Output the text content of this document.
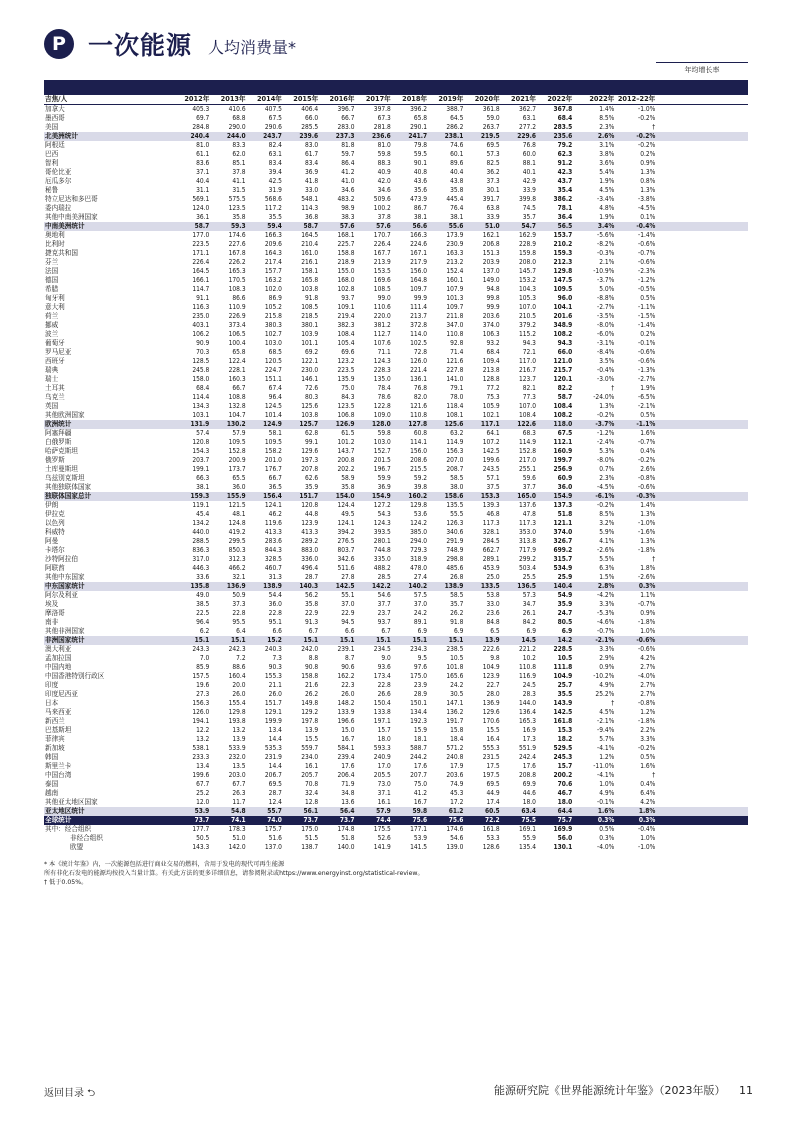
P 一次能源 人均消费量*
年均增长率
吉焦/人	2012年	2013年	2014年	2015年	2016年	2017年	2018年	2019年	2020年	2021年	2022年	2022年 2012–22年
加拿大	405.3	410.6	407.5	406.4	396.7	397.8	396.2	388.7	361.8	362.7	367.8	1.4%	-1.0%
墨西哥	69.7	68.8	67.5	66.0	66.7	67.3	65.8	64.5	59.0	63.1	68.4	8.5%	-0.2%
美国	284.8	290.0	290.6	285.5	283.0	281.8	290.1	286.2	263.7	277.2	283.5	2.3%	†
北美洲统计	240.4	244.0	243.7	239.6	237.3	236.6	241.7	238.1	219.5	229.6	235.6	2.6%	-0.2%
阿根廷	81.0	83.3	82.4	83.0	81.8	81.0	79.8	74.6	69.5	76.8	79.2	3.1%	-0.2%
巴西	61.1	62.0	63.1	61.7	59.7	59.8	59.5	60.1	57.3	60.0	62.3	3.8%	0.2%
智利	83.6	85.1	83.4	83.4	86.4	88.3	90.1	89.6	82.5	88.1	91.2	3.6%	0.9%
哥伦比亚	37.1	37.8	39.4	36.9	41.2	40.9	40.8	40.4	36.2	40.1	42.3	5.4%	1.3%
厄瓜多尔	40.4	41.1	42.5	41.8	41.0	42.0	43.6	43.8	37.3	42.9	43.7	1.9%	0.8%
秘鲁	31.1	31.5	31.9	33.0	34.6	34.6	35.6	35.8	30.1	33.9	35.4	4.5%	1.3%
特立尼达和多巴哥	569.1	575.5	568.6	548.1	483.2	509.6	473.9	445.4	391.7	399.8	386.2	-3.4%	-3.8%
委内瑞拉	124.0	123.5	117.2	114.3	98.9	100.2	86.7	76.4	63.8	74.5	78.1	4.8%	-4.5%
其他中南美洲国家	36.1	35.8	35.5	36.8	38.3	37.8	38.1	38.1	33.9	35.7	36.4	1.9%	0.1%
中南美洲统计	58.7	59.3	59.4	58.7	57.6	57.6	56.6	55.6	51.0	54.7	56.5	3.4%	-0.4%
奥地利	177.0	174.6	166.3	164.5	168.1	170.7	166.3	173.9	162.1	162.9	153.7	-5.6%	-1.4%
比利时	223.5	227.6	209.6	210.4	225.7	226.4	224.6	230.9	206.8	228.9	210.2	-8.2%	-0.6%
捷克共和国	171.1	167.8	164.3	161.0	158.8	167.7	167.1	163.3	151.3	159.8	159.3	-0.3%	-0.7%
芬兰	226.4	226.2	217.4	216.1	218.9	213.9	217.9	213.2	203.9	208.0	212.3	2.1%	-0.6%
法国	164.5	165.3	157.7	158.1	155.0	153.5	156.0	152.4	137.0	145.7	129.8	-10.9%	-2.3%
德国	166.1	170.5	163.2	165.8	168.0	169.6	164.8	160.1	149.0	153.2	147.5	-3.7%	-1.2%
希腊	114.7	108.3	102.0	103.8	102.8	108.5	109.7	107.9	94.8	104.3	109.5	5.0%	-0.5%
匈牙利	91.1	86.6	86.9	91.8	93.7	99.0	99.9	101.3	99.8	105.3	96.0	-8.8%	0.5%
意大利	116.3	110.9	105.2	108.5	109.1	110.6	111.4	109.7	99.9	107.0	104.1	-2.7%	-1.1%
荷兰	235.0	226.9	215.8	218.5	219.4	220.0	213.7	211.8	203.6	210.5	201.6	-3.5%	-1.5%
挪威	403.1	373.4	380.3	380.1	382.3	381.2	372.8	347.0	374.0	379.2	348.9	-8.0%	-1.4%
波兰	106.2	106.5	102.7	103.9	108.4	112.7	114.0	110.8	106.3	115.2	108.2	-6.0%	0.2%
葡萄牙	90.9	100.4	103.0	101.1	105.4	107.6	102.5	92.8	93.2	94.3	94.3	-3.1%	-0.1%
罗马尼亚	70.3	65.8	68.5	69.2	69.6	71.1	72.8	71.4	68.4	72.1	66.0	-8.4%	-0.6%
西班牙	128.5	122.4	120.5	122.1	123.2	124.3	126.0	121.6	109.4	117.0	121.0	3.5%	-0.6%
瑞典	245.8	228.1	224.7	230.0	223.5	228.3	221.4	227.8	213.8	216.7	215.7	-0.4%	-1.3%
瑞士	158.0	160.3	151.1	146.1	135.9	135.0	136.1	141.0	128.8	123.7	120.1	-3.0%	-2.7%
土耳其	68.4	66.7	67.4	72.6	75.0	78.4	76.8	79.1	77.2	82.1	82.2	†	1.9%
乌克兰	114.4	108.8	96.4	80.3	84.3	78.6	82.0	78.0	75.3	77.3	58.7	-24.0%	-6.5%
英国	134.3	132.8	124.5	125.6	123.5	122.8	121.6	118.4	105.9	107.0	108.4	1.3%	-2.1%
其他欧洲国家	103.1	104.7	101.4	103.8	106.8	109.0	110.8	108.1	102.1	108.4	108.2	-0.2%	0.5%
欧洲统计	131.9	130.2	124.9	125.7	126.9	128.0	127.8	125.6	117.1	122.6	118.0	-3.7%	-1.1%
阿塞拜疆	57.4	57.9	58.1	62.8	61.5	59.8	60.8	63.2	64.1	68.3	67.5	-1.2%	1.6%
白俄罗斯	120.8	109.5	109.5	99.1	101.2	103.0	114.1	114.9	107.2	114.9	112.1	-2.4%	-0.7%
哈萨克斯坦	154.3	152.8	158.2	129.6	143.7	152.7	156.0	156.3	142.5	152.8	160.9	5.3%	0.4%
俄罗斯	203.7	200.9	201.0	197.3	200.8	201.5	208.6	207.0	199.6	217.0	199.7	-8.0%	-0.2%
土库曼斯坦	199.1	173.7	176.7	207.8	202.2	196.7	215.5	208.7	243.5	255.1	256.9	0.7%	2.6%
乌兹别克斯坦	66.3	65.5	66.7	62.6	58.9	59.9	59.2	58.5	57.1	59.6	60.9	2.3%	-0.8%
其他独联体国家	38.1	36.0	36.5	35.9	35.8	36.9	39.8	38.0	37.5	37.7	36.0	-4.5%	-0.6%
独联体国家总计	159.3	155.9	156.4	151.7	154.0	154.9	160.2	158.6	153.3	165.0	154.9	-6.1%	-0.3%
伊朗	119.1	121.5	124.1	120.8	124.4	127.2	129.8	135.5	139.3	137.6	137.3	-0.2%	1.4%
伊拉克	45.4	48.1	46.2	44.8	49.5	54.3	53.6	55.5	46.8	47.8	51.8	8.5%	1.3%
以色列	134.2	124.8	119.6	123.9	124.1	124.3	124.2	126.3	117.3	117.3	121.1	3.2%	-1.0%
科威特	440.0	419.2	413.3	413.3	394.2	393.5	385.0	340.6	328.1	353.0	374.0	5.9%	-1.6%
阿曼	288.5	299.5	283.6	289.2	276.5	280.1	294.0	291.9	284.5	313.8	326.7	4.1%	1.3%
卡塔尔	836.3	850.3	844.3	883.0	803.7	744.8	729.3	748.9	662.7	717.9	699.2	-2.6%	-1.8%
沙特阿拉伯	317.0	312.3	328.5	336.0	342.6	335.0	318.9	298.8	289.1	299.2	315.7	5.5%	†
阿联酋	446.3	466.2	460.7	496.4	511.6	488.2	478.0	485.6	453.9	503.4	534.9	6.3%	1.8%
其他中东国家	33.6	32.1	31.3	28.7	27.8	28.5	27.4	26.8	25.0	25.5	25.9	1.5%	-2.6%
中东国家统计	135.8	136.9	138.9	140.3	142.5	142.2	140.2	138.9	133.5	136.5	140.4	2.8%	0.3%
阿尔及利亚	49.0	50.9	54.4	56.2	55.1	54.6	57.5	58.5	53.8	57.3	54.9	-4.2%	1.1%
埃及	38.5	37.3	36.0	35.8	37.0	37.7	37.0	35.7	33.0	34.7	35.9	3.3%	-0.7%
摩洛哥	22.5	22.8	22.8	22.9	22.9	23.7	24.2	26.2	23.6	26.1	24.7	-5.3%	0.9%
南非	96.4	95.5	95.1	91.3	94.5	93.7	89.1	91.8	84.8	84.2	80.5	-4.6%	-1.8%
其他非洲国家	6.2	6.4	6.6	6.7	6.6	6.7	6.9	6.9	6.5	6.9	6.9	-0.7%	1.0%
非洲国家统计	15.1	15.1	15.2	15.1	15.1	15.1	15.1	15.1	13.9	14.5	14.2	-2.1%	-0.6%
澳大利亚	243.3	242.3	240.3	242.0	239.1	234.5	234.3	238.5	222.6	221.2	228.5	3.3%	-0.6%
孟加拉国	7.0	7.2	7.3	8.8	8.7	9.0	9.5	10.5	9.8	10.2	10.5	2.9%	4.2%
中国内地	85.9	88.6	90.3	90.8	90.6	93.6	97.6	101.8	104.9	110.8	111.8	0.9%	2.7%
中国香港特别行政区	157.5	160.4	155.3	158.8	162.2	173.4	175.0	165.6	123.9	116.9	104.9	-10.2%	-4.0%
印度	19.6	20.0	21.1	21.6	22.3	22.8	23.9	24.2	22.7	24.5	25.7	4.9%	2.7%
印度尼西亚	27.3	26.0	26.0	26.2	26.0	26.6	28.9	30.5	28.0	28.3	35.5	25.2%	2.7%
日本	156.3	155.4	151.7	149.8	148.2	150.4	150.1	147.1	136.9	144.0	143.9	†	-0.8%
马来西亚	126.0	129.8	129.1	129.2	133.9	133.8	134.4	136.2	129.6	136.4	142.5	4.5%	1.2%
新西兰	194.1	193.8	199.9	197.8	196.6	197.1	192.3	191.7	170.6	165.3	161.8	-2.1%	-1.8%
巴基斯坦	12.2	13.2	13.4	13.9	15.0	15.7	15.9	15.8	15.5	16.9	15.3	-9.4%	2.2%
菲律宾	13.2	13.9	14.4	15.5	16.7	18.0	18.1	18.4	16.4	17.3	18.2	5.7%	3.3%
新加坡	538.1	533.9	535.3	559.7	584.1	593.3	588.7	571.2	555.3	551.9	529.5	-4.1%	-0.2%
韩国	233.3	232.0	231.9	234.0	239.4	240.9	244.2	240.8	231.5	242.4	245.3	1.2%	0.5%
斯里兰卡	13.4	13.5	14.4	16.1	17.6	17.0	17.6	17.9	17.5	17.6	15.7	-11.0%	1.6%
中国台湾	199.6	203.0	206.7	205.7	206.4	205.5	207.7	203.6	197.5	208.8	200.2	-4.1%	†
泰国	67.7	67.7	69.5	70.8	71.9	73.0	75.0	74.9	69.5	69.9	70.6	1.0%	0.4%
越南	25.2	26.3	28.7	32.4	34.8	37.1	41.2	45.3	44.9	44.6	46.7	4.9%	6.4%
其他亚太地区国家	12.0	11.7	12.4	12.8	13.6	16.1	16.7	17.2	17.4	18.0	18.0	-0.1%	4.2%
亚太地区统计	53.9	54.8	55.7	56.1	56.4	57.9	59.8	61.2	60.5	63.4	64.4	1.6%	1.8%
全球统计	73.7	74.1	74.0	73.7	73.7	74.4	75.6	75.6	72.2	75.5	75.7	0.3%	0.3%
其中：经合组织	177.7	178.3	175.7	175.0	174.8	175.5	177.1	174.6	161.8	169.1	169.9	0.5%	-0.4%
非经合组织	50.5	51.0	51.6	51.5	51.8	52.6	53.9	54.6	53.3	55.9	56.0	0.3%	1.0%
欧盟	143.3	142.0	137.0	138.7	140.0	141.9	141.5	139.0	128.6	135.4	130.1	-4.0%	-1.0%
* 本《统计年鉴》内，一次能源包括进行商业交易的燃料，含用于发电的现代可再生能源
所有非化石发电的能源均按投入当量计算。有关此方法的更多详细信息，请参阅附录或https://www.energyinst.org/statistical-review。
† 低于0.05%。
返回目录 ⮌	能源研究院《世界能源统计年鉴》（2023年版） 11
